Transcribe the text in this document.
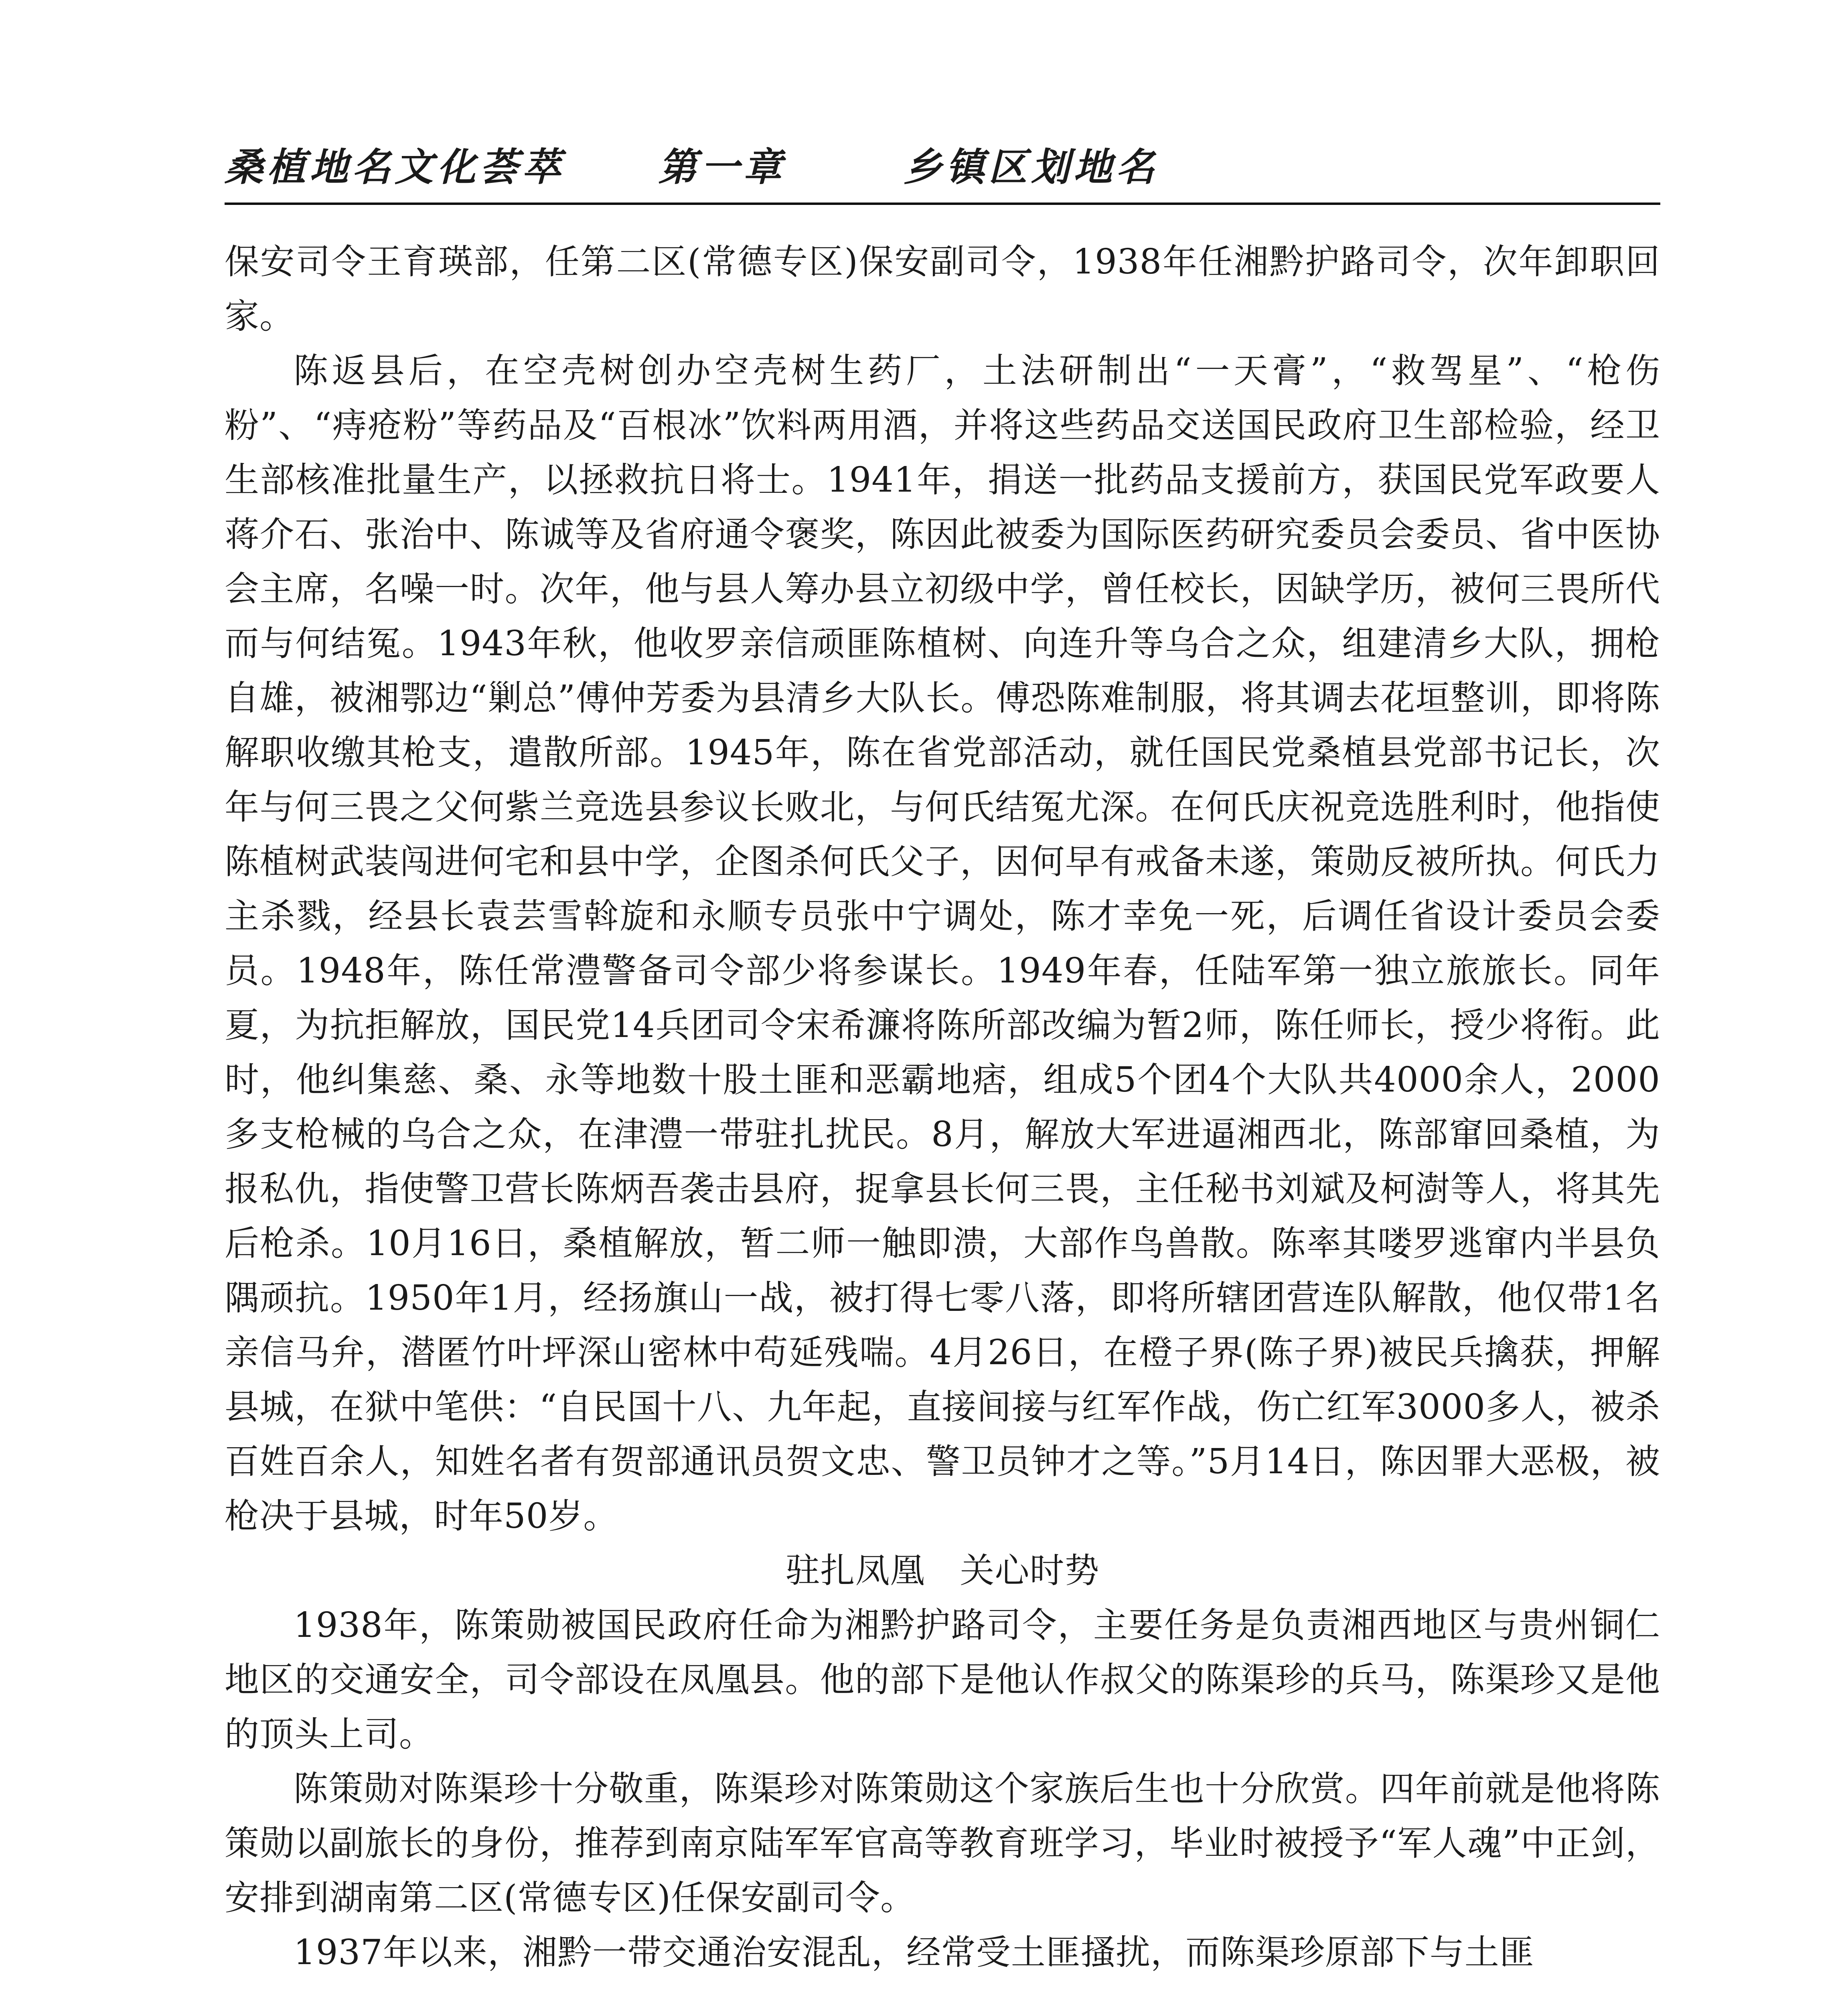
桑植地名文化荟萃 第一章	乡镇区划地名

保安司令王育瑛部，任第二区(常德专区)保安副司令，1938年任湘黔护路司令，次年卸职回家。

陈返县后，在空壳树创办空壳树生药厂，土法研制出“一天膏”，“救驾星”、“枪伤粉”、“痔疮粉”等药品及“百根冰”饮料两用酒，并将这些药品交送国民政府卫生部检验，经卫生部核准批量生产，以拯救抗日将士。1941年，捐送一批药品支援前方，获国民党军政要人蒋介石、张治中、陈诚等及省府通令褒奖，陈因此被委为国际医药研究委员会委员、省中医协会主席，名噪一时。次年，他与县人筹办县立初级中学，曾任校长，因缺学历，被何三畏所代而与何结冤。1943年秋，他收罗亲信顽匪陈植树、向连升等乌合之众，组建清乡大队，拥枪自雄，被湘鄂边“剿总”傅仲芳委为县清乡大队长。傅恐陈难制服，将其调去花垣整训，即将陈解职收缴其枪支，遣散所部。1945年，陈在省党部活动，就任国民党桑植县党部书记长，次年与何三畏之父何紫兰竞选县参议长败北，与何氏结冤尤深。在何氏庆祝竞选胜利时，他指使陈植树武装闯进何宅和县中学，企图杀何氏父子，因何早有戒备未遂，策勋反被所执。何氏力主杀戮，经县长袁芸雪斡旋和永顺专员张中宁调处，陈才幸免一死，后调任省设计委员会委员。1948年，陈任常澧警备司令部少将参谋长。1949年春，任陆军第一独立旅旅长。同年夏，为抗拒解放，国民党14兵团司令宋希濂将陈所部改编为暂2师，陈任师长，授少将衔。此时，他纠集慈、桑、永等地数十股土匪和恶霸地痞，组成5个团4个大队共4000余人，2000多支枪械的乌合之众，在津澧一带驻扎扰民。8月，解放大军进逼湘西北，陈部窜回桑植，为报私仇，指使警卫营长陈炳吾袭击县府，捉拿县长何三畏，主任秘书刘斌及柯澍等人，将其先后枪杀。10月16日，桑植解放，暂二师一触即溃，大部作鸟兽散。陈率其喽罗逃窜内半县负隅顽抗。1950年1月，经扬旗山一战，被打得七零八落，即将所辖团营连队解散，他仅带1名亲信马弁，潜匿竹叶坪深山密林中苟延残喘。4月26日，在橙子界(陈子界)被民兵擒获，押解县城，在狱中笔供：“自民国十八、九年起，直接间接与红军作战，伤亡红军3000多人，被杀百姓百余人，知姓名者有贺部通讯员贺文忠、警卫员钟才之等。”5月14日，陈因罪大恶极，被枪决于县城，时年50岁。

驻扎凤凰　关心时势

1938年，陈策勋被国民政府任命为湘黔护路司令，主要任务是负责湘西地区与贵州铜仁地区的交通安全，司令部设在凤凰县。他的部下是他认作叔父的陈渠珍的兵马，陈渠珍又是他的顶头上司。

陈策勋对陈渠珍十分敬重，陈渠珍对陈策勋这个家族后生也十分欣赏。四年前就是他将陈策勋以副旅长的身份，推荐到南京陆军军官高等教育班学习，毕业时被授予“军人魂”中正剑，安排到湖南第二区(常德专区)任保安副司令。

1937年以来，湘黔一带交通治安混乱，经常受土匪搔扰，而陈渠珍原部下与土匪
